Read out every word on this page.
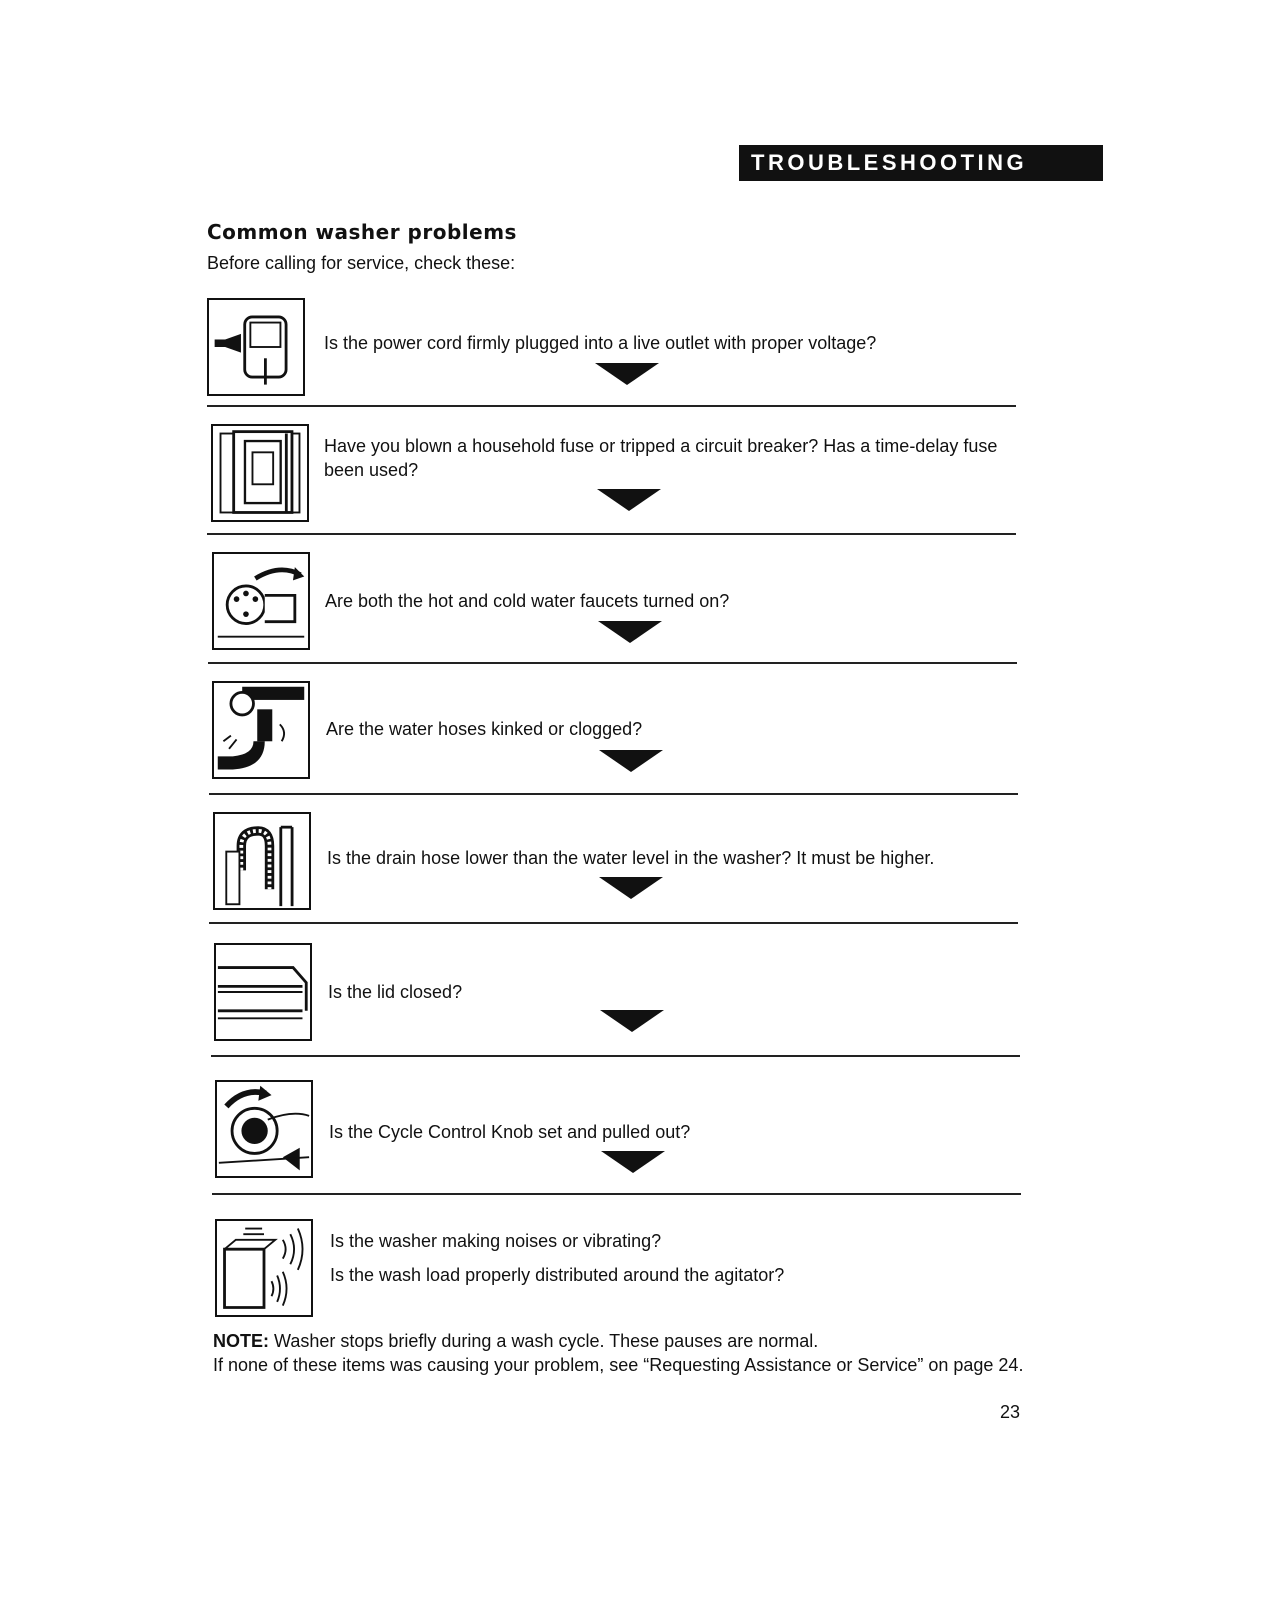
TROUBLESHOOTING
Common washer problems
Before calling for service, check these:
Is the power cord firmly plugged into a live outlet with proper voltage?
Have you blown a household fuse or tripped a circuit breaker? Has a time-delay fuse been used?
Are both the hot and cold water faucets turned on?
Are the water hoses kinked or clogged?
Is the drain hose lower than the water level in the washer? It must be higher.
Is the lid closed?
Is the Cycle Control Knob set and pulled out?
Is the washer making noises or vibrating?
Is the wash load properly distributed around the agitator?
NOTE: Washer stops briefly during a wash cycle. These pauses are normal.
If none of these items was causing your problem, see “Requesting Assistance or Service” on page 24.
23
